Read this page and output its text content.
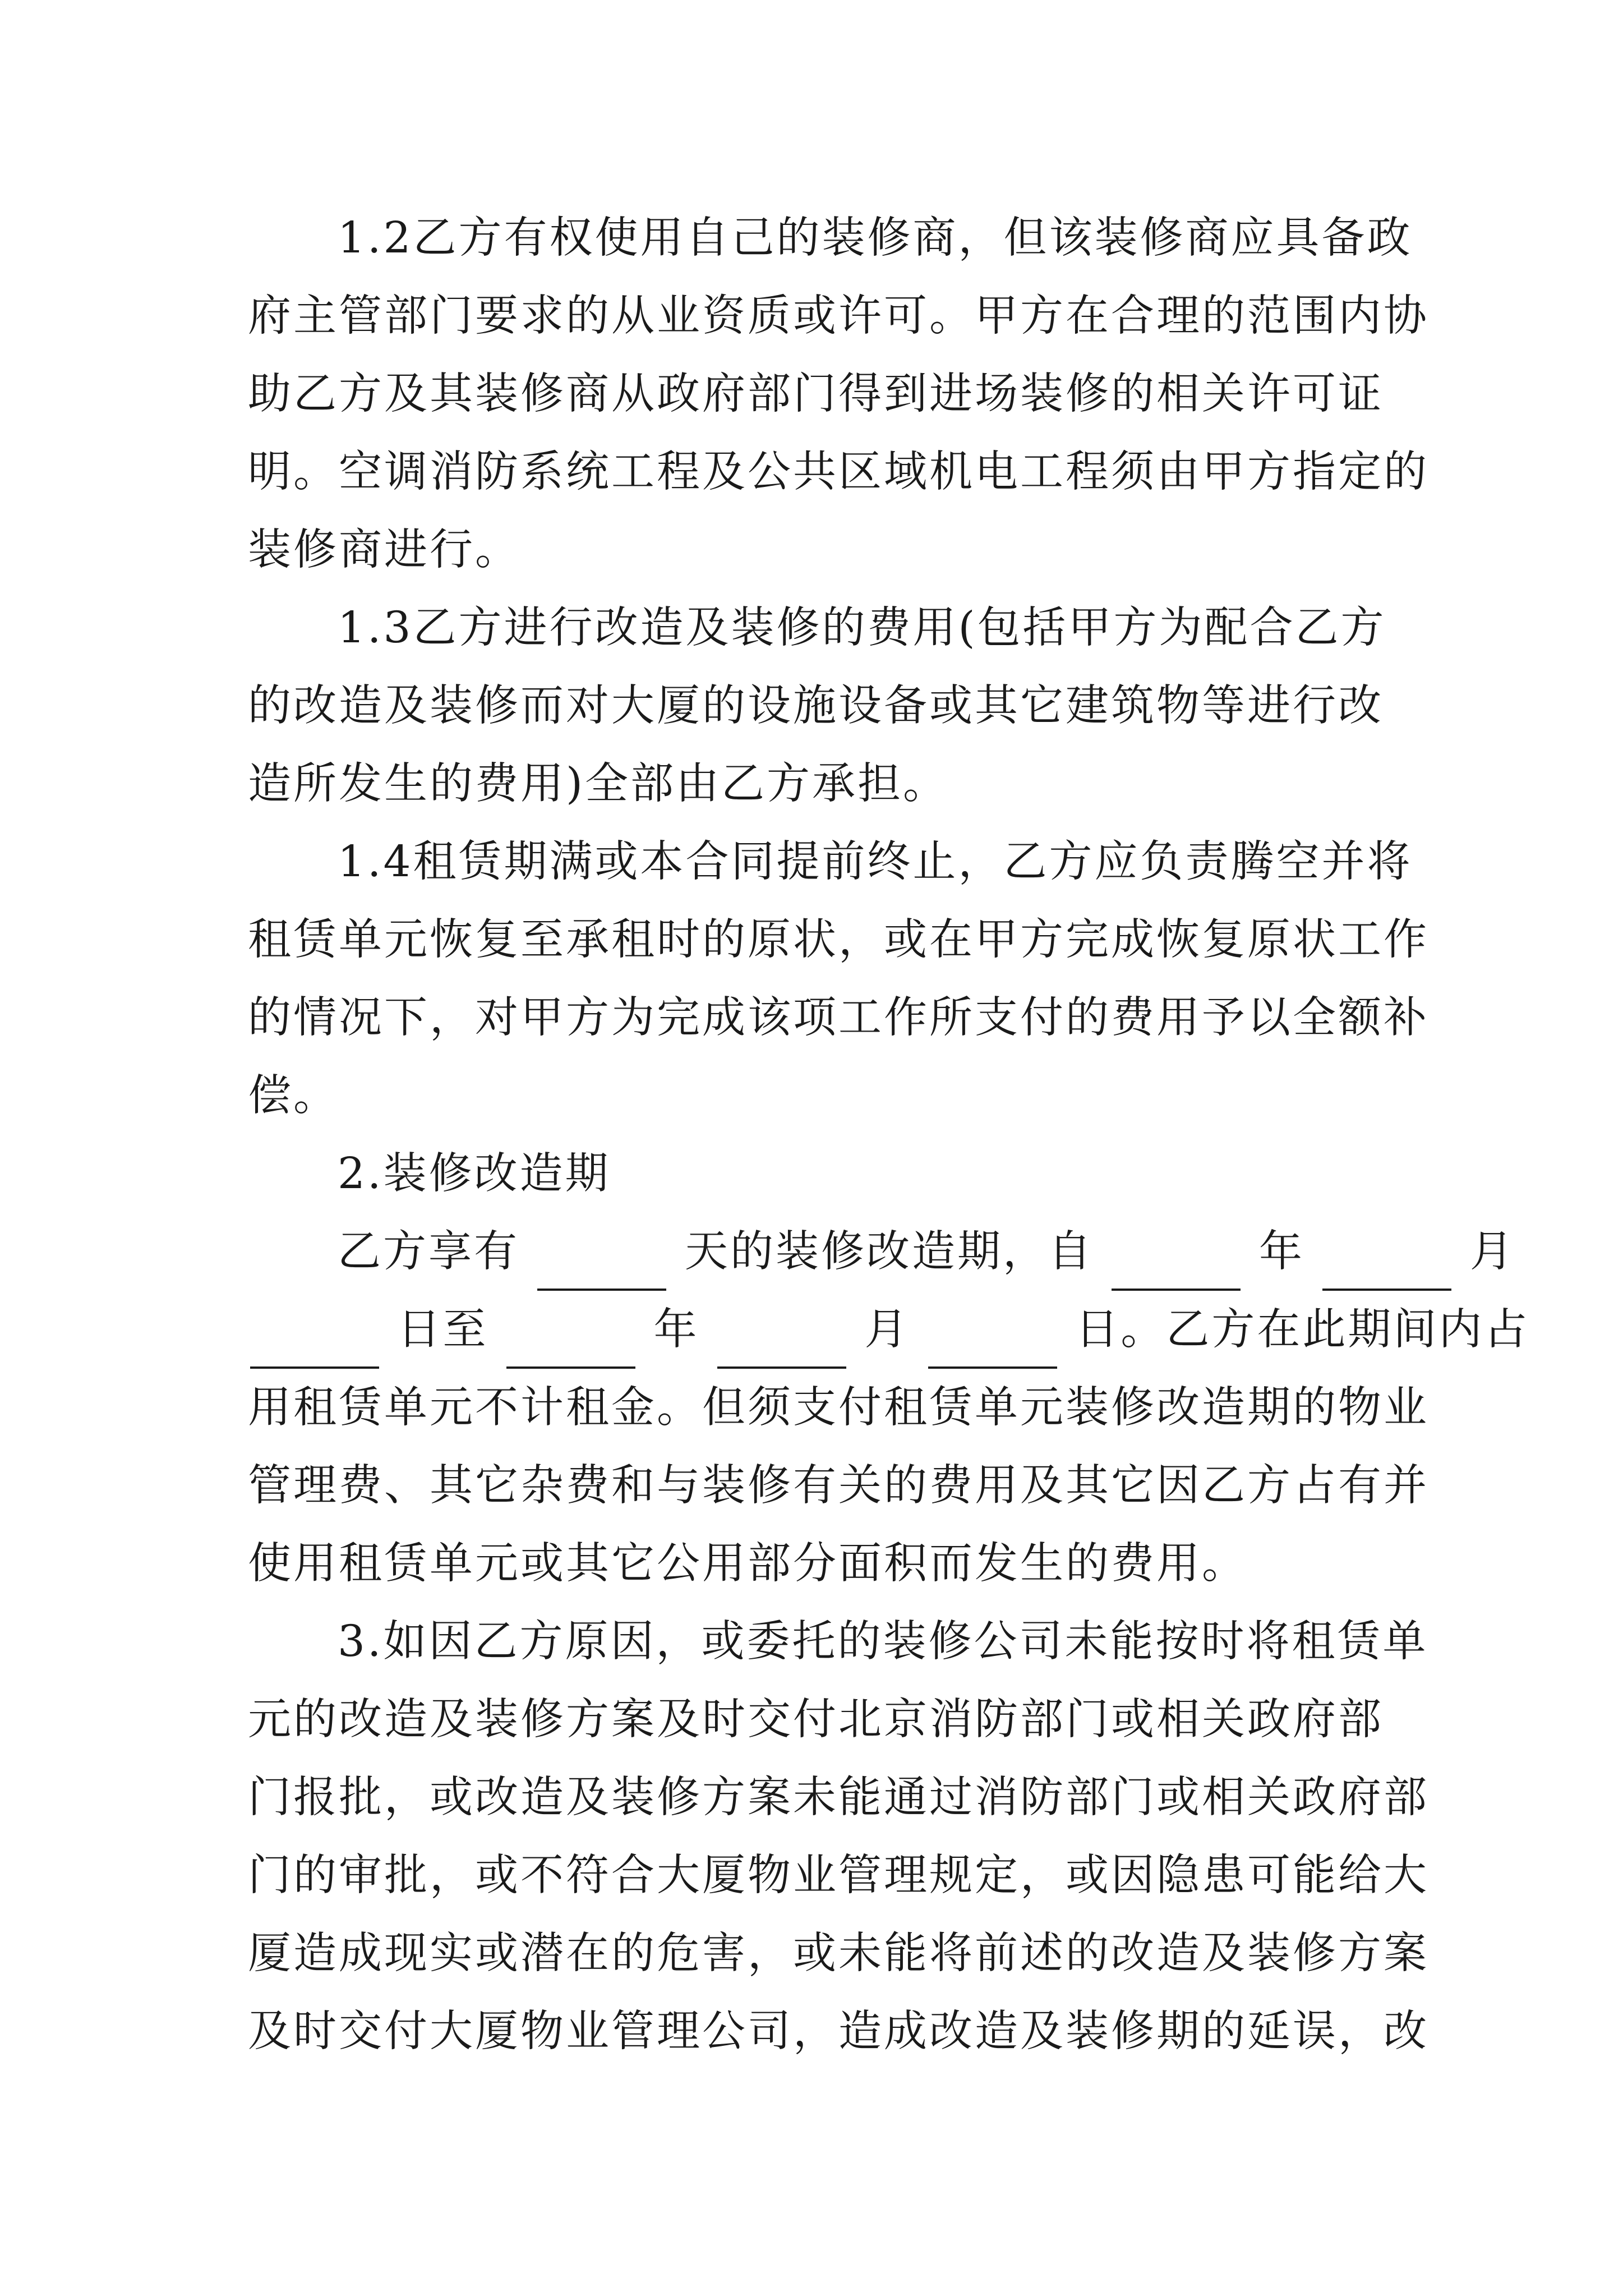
1.2乙方有权使用自己的装修商，但该装修商应具备政
府主管部门要求的从业资质或许可。甲方在合理的范围内协
助乙方及其装修商从政府部门得到进场装修的相关许可证
明。空调消防系统工程及公共区域机电工程须由甲方指定的
装修商进行。
1.3乙方进行改造及装修的费用(包括甲方为配合乙方
的改造及装修而对大厦的设施设备或其它建筑物等进行改
造所发生的费用)全部由乙方承担。
1.4租赁期满或本合同提前终止，乙方应负责腾空并将
租赁单元恢复至承租时的原状，或在甲方完成恢复原状工作
的情况下，对甲方为完成该项工作所支付的费用予以全额补
偿。
2.装修改造期
乙方享有	天的装修改造期，自	年	月
日至	年	月	日。乙方在此期间内占
用租赁单元不计租金。但须支付租赁单元装修改造期的物业
管理费、其它杂费和与装修有关的费用及其它因乙方占有并
使用租赁单元或其它公用部分面积而发生的费用。
3.如因乙方原因，或委托的装修公司未能按时将租赁单
元的改造及装修方案及时交付北京消防部门或相关政府部
门报批，或改造及装修方案未能通过消防部门或相关政府部
门的审批，或不符合大厦物业管理规定，或因隐患可能给大
厦造成现实或潜在的危害，或未能将前述的改造及装修方案
及时交付大厦物业管理公司，造成改造及装修期的延误，改
